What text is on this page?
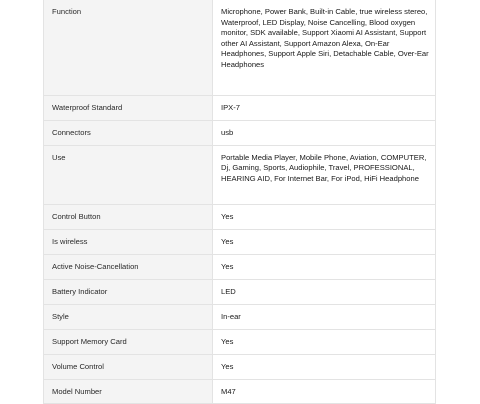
Function	Microphone, Power Bank, Built-in Cable, true wireless stereo, Waterproof, LED Display, Noise Cancelling, Blood oxygen monitor, SDK available, Support Xiaomi AI Assistant, Support other AI Assistant, Support Amazon Alexa, On-Ear Headphones, Support Apple Siri, Detachable Cable, Over-Ear Headphones
Waterproof Standard	IPX-7
Connectors	usb
Use	Portable Media Player, Mobile Phone, Aviation, COMPUTER, Dj, Gaming, Sports, Audiophile, Travel, PROFESSIONAL, HEARING AID, For Internet Bar, For iPod, HiFi Headphone
Control Button	Yes
Is wireless	Yes
Active Noise-Cancellation	Yes
Battery Indicator	LED
Style	In-ear
Support Memory Card	Yes
Volume Control	Yes
Model Number	M47
